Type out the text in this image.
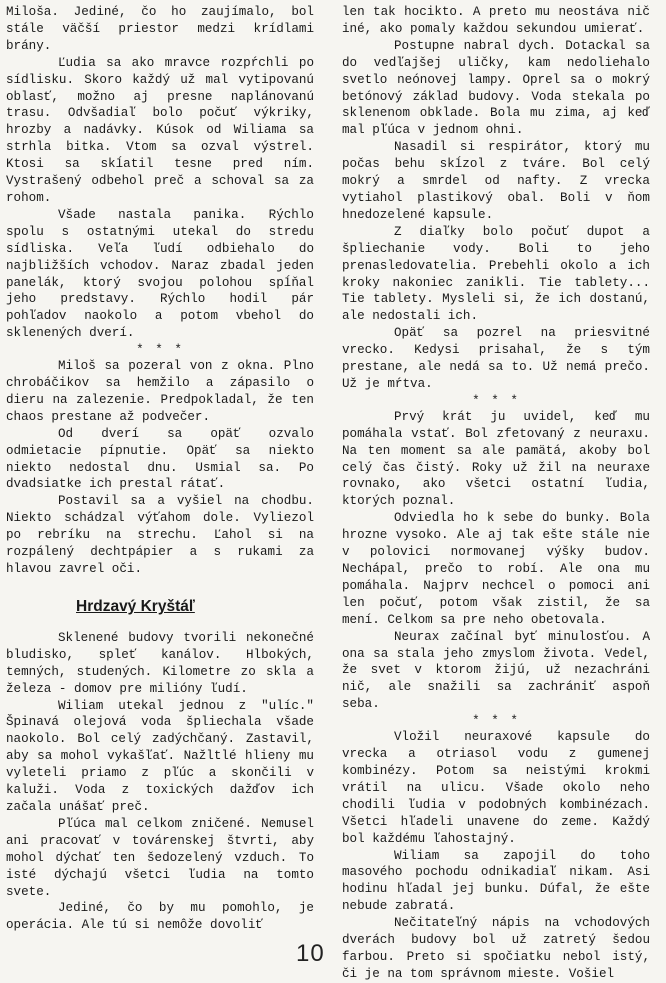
Miloša. Jediné, čo ho zaujímalo, bol stále väčší priestor medzi krídlami brány.

Ľudia sa ako mravce rozpŕchli po sídlisku. Skoro každý už mal vytipovanú oblasť, možno aj presne naplánovanú trasu. Odvšadiaľ bolo počuť výkriky, hrozby a nadávky. Kúsok od Wiliama sa strhla bitka. Vtom sa ozval výstrel. Ktosi sa skĺatil tesne pred ním. Vystrašený odbehol preč a schoval sa za rohom.

Všade nastala panika. Rýchlo spolu s ostatnými utekal do stredu sídliska. Veľa ľudí odbiehalo do najbližších vchodov. Naraz zbadal jeden panelák, ktorý svojou polohou spĺňal jeho predstavy. Rýchlo hodil pár pohľadov naokolo a potom vbehol do sklenených dverí.

* * *

Miloš sa pozeral von z okna. Plno chrobáčikov sa hemžilo a zápasilo o dieru na zalezenie. Predpokladal, že ten chaos prestane až podvečer.

Od dverí sa opäť ozvalo odmietacie pípnutie. Opäť sa niekto niekto nedostal dnu. Usmial sa. Po dvadsiatke ich prestal rátať.

Postavil sa a vyšiel na chodbu. Niekto schádzal výťahom dole. Vyliezol po rebríku na strechu. Ľahol si na rozpálený dechtpápier a s rukami za hlavou zavrel oči.

Hrdzavý Kryštáľ

Sklenené budovy tvorili nekonečné bludisko, spleť kanálov. Hlbokých, temných, studených. Kilometre zo skla a železa - domov pre milióny ľudí.

Wiliam utekal jednou z "ulíc." Špinavá olejová voda špliechala všade naokolo. Bol celý zadýchčaný. Zastavil, aby sa mohol vykašľať. Nažltlé hlieny mu vyleteli priamo z pľúc a skončili v kaluži. Voda z toxických dažďov ich začala unášať preč.

Pľúca mal celkom zničené. Nemusel ani pracovať v továrenskej štvrti, aby mohol dýchať ten šedozelený vzduch. To isté dýchajú všetci ľudia na tomto svete.

Jediné, čo by mu pomohlo, je operácia. Ale tú si nemôže dovoliť

len tak hocikto. A preto mu neostáva nič iné, ako pomaly každou sekundou umierať.

Postupne nabral dych. Dotackal sa do vedľajšej uličky, kam nedoliehalo svetlo neónovej lampy. Oprel sa o mokrý betónový základ budovy. Voda stekala po sklenenom obklade. Bola mu zima, aj keď mal pľúca v jednom ohni.

Nasadil si respirátor, ktorý mu počas behu skĺzol z tváre. Bol celý mokrý a smrdel od nafty. Z vrecka vytiahol plastikový obal. Boli v ňom hnedozelené kapsule.

Z diaľky bolo počuť dupot a špliechanie vody. Boli to jeho prenasledovatelia. Prebehli okolo a ich kroky nakoniec zanikli. Tie tablety... Tie tablety. Mysleli si, že ich dostanú, ale nedostali ich.

Opäť sa pozrel na priesvitné vrecko. Kedysi prisahal, že s tým prestane, ale nedá sa to. Už nemá prečo. Už je mŕtva.

* * *

Prvý krát ju uvidel, keď mu pomáhala vstať. Bol zfetovaný z neuraxu. Na ten moment sa ale pamätá, akoby bol celý čas čistý. Roky už žil na neuraxe rovnako, ako všetci ostatní ľudia, ktorých poznal.

Odviedla ho k sebe do bunky. Bola hrozne vysoko. Ale aj tak ešte stále nie v polovici normovanej výšky budov. Nechápal, prečo to robí. Ale ona mu pomáhala. Najprv nechcel o pomoci ani len počuť, potom však zistil, že sa mení. Celkom sa pre neho obetovala.

Neurax začínal byť minulosťou. A ona sa stala jeho zmyslom života. Vedel, že svet v ktorom žijú, už nezachráni nič, ale snažili sa zachrániť aspoň seba.

* * *

Vložil neuraxové kapsule do vrecka a otriasol vodu z gumenej kombinézy. Potom sa neistými krokmi vrátil na ulicu. Všade okolo neho chodili ľudia v podobných kombinézach. Všetci hľadeli unavene do zeme. Každý bol každému ľahostajný.

Wiliam sa zapojil do toho masového pochodu odnikadiaľ nikam. Asi hodinu hľadal jej bunku. Dúfal, že ešte nebude zabratá.

Nečitateľný nápis na vchodových dverách budovy bol už zatretý šedou farbou. Preto si spočiatku nebol istý, či je na tom správnom mieste. Vošiel

10
